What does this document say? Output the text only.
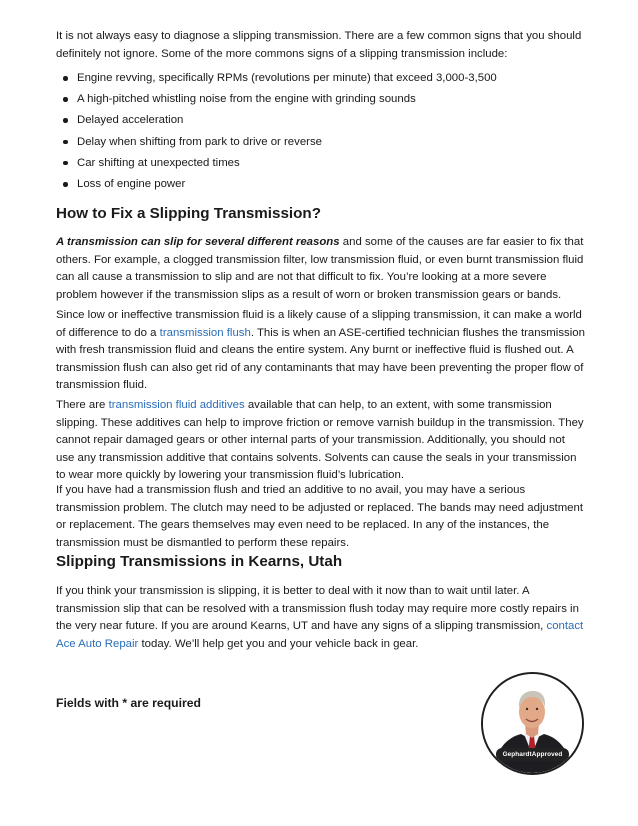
It is not always easy to diagnose a slipping transmission. There are a few common signs that you should definitely not ignore. Some of the more commons signs of a slipping transmission include:

Engine revving, specifically RPMs (revolutions per minute) that exceed 3,000-3,500
A high-pitched whistling noise from the engine with grinding sounds
Delayed acceleration
Delay when shifting from park to drive or reverse
Car shifting at unexpected times
Loss of engine power
How to Fix a Slipping Transmission?

A transmission can slip for several different reasons and some of the causes are far easier to fix that others. For example, a clogged transmission filter, low transmission fluid, or even burnt transmission fluid can all cause a transmission to slip and are not that difficult to fix. You’re looking at a more severe problem however if the transmission slips as a result of worn or broken transmission gears or bands.

Since low or ineffective transmission fluid is a likely cause of a slipping transmission, it can make a world of difference to do a transmission flush. This is when an ASE-certified technician flushes the transmission with fresh transmission fluid and cleans the entire system. Any burnt or ineffective fluid is flushed out. A transmission flush can also get rid of any contaminants that may have been preventing the proper flow of transmission fluid.

There are transmission fluid additives available that can help, to an extent, with some transmission slipping. These additives can help to improve friction or remove varnish buildup in the transmission. They cannot repair damaged gears or other internal parts of your transmission. Additionally, you should not use any transmission additive that contains solvents. Solvents can cause the seals in your transmission to wear more quickly by lowering your transmission fluid’s lubrication.

If you have had a transmission flush and tried an additive to no avail, you may have a serious transmission problem. The clutch may need to be adjusted or replaced. The bands may need adjustment or replacement. The gears themselves may even need to be replaced. In any of the instances, the transmission must be dismantled to perform these repairs.

Slipping Transmissions in Kearns, Utah

If you think your transmission is slipping, it is better to deal with it now than to wait until later. A transmission slip that can be resolved with a transmission flush today may require more costly repairs in the very near future. If you are around Kearns, UT and have any signs of a slipping transmission, contact Ace Auto Repair today. We’ll help get you and your vehicle back in gear.

Fields with * are required
GephardtApproved
